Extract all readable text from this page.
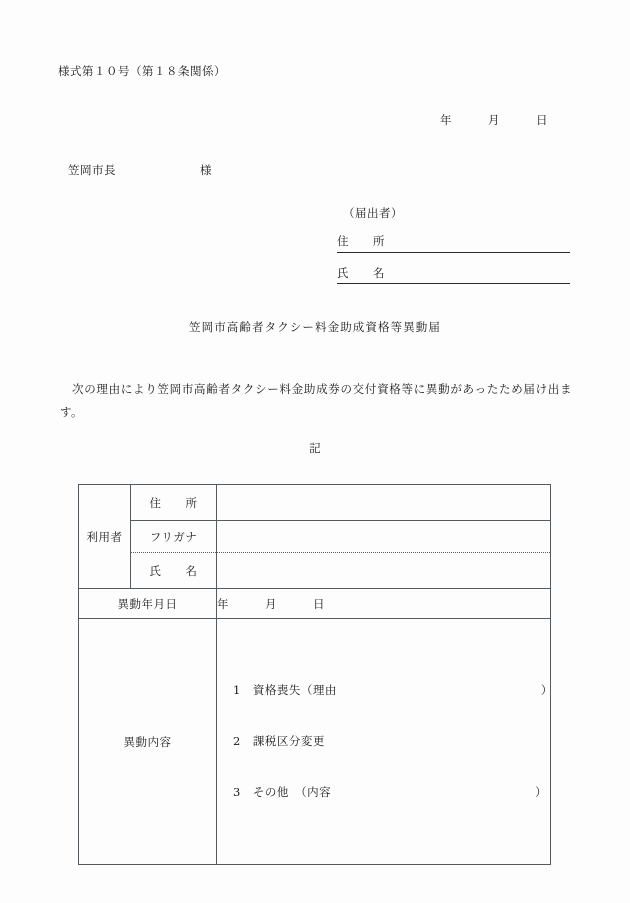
様式第１０号（第１８条関係）
年　　　月　　　日
笠岡市長　　　　　　　様
（届出者）
住　　所
氏　　名
笠岡市高齢者タクシー料金助成資格等異動届
次の理由により笠岡市高齢者タクシー料金助成券の交付資格等に異動があったため届け出ます。
記
利用者	住　　所	
	フリガナ	
	氏　　名	
異動年月日		年　　　月　　　日
異動内容		1　資格喪失（理由　　　　　　　　　　　　　　　　　）

2　課税区分変更

3　その他　（内容　　　　　　　　　　　　　　　　　）
